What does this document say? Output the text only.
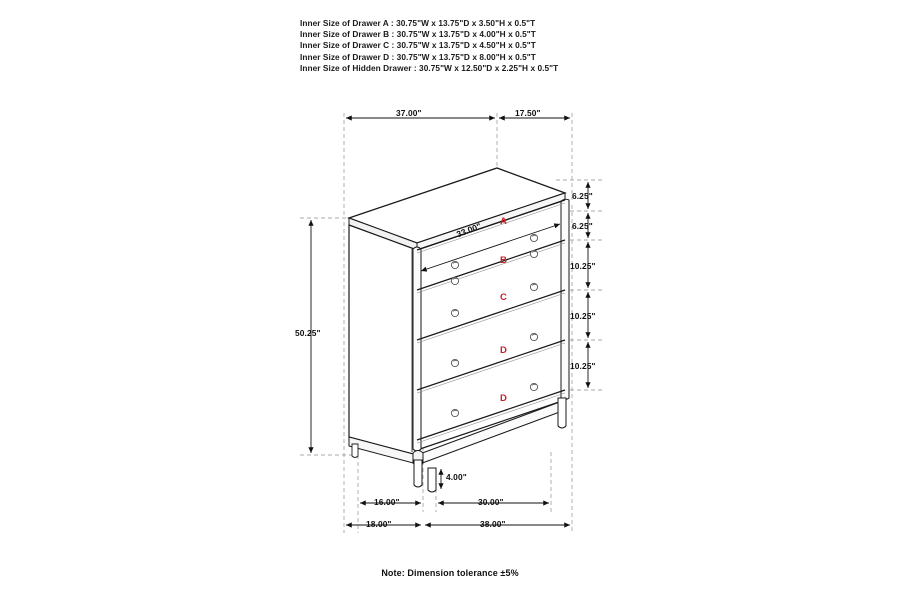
Inner Size of Drawer A : 30.75"W x 13.75"D x 3.50"H x 0.5"T
Inner Size of Drawer B : 30.75"W x 13.75"D x 4.00"H x 0.5"T
Inner Size of Drawer C : 30.75"W x 13.75"D x 4.50"H x 0.5"T
Inner Size of Drawer D : 30.75"W x 13.75"D x 8.00"H x 0.5"T
Inner Size of Hidden Drawer : 30.75"W x 12.50"D x 2.25"H x 0.5"T
37.00"	17.50"
50.25"
33.00"
6.25"
6.25"
10.25"
10.25"
10.25"
4.00"
16.00"	30.00"
18.00"	38.00"
A
B
C
D
D
Note: Dimension tolerance ±5%
